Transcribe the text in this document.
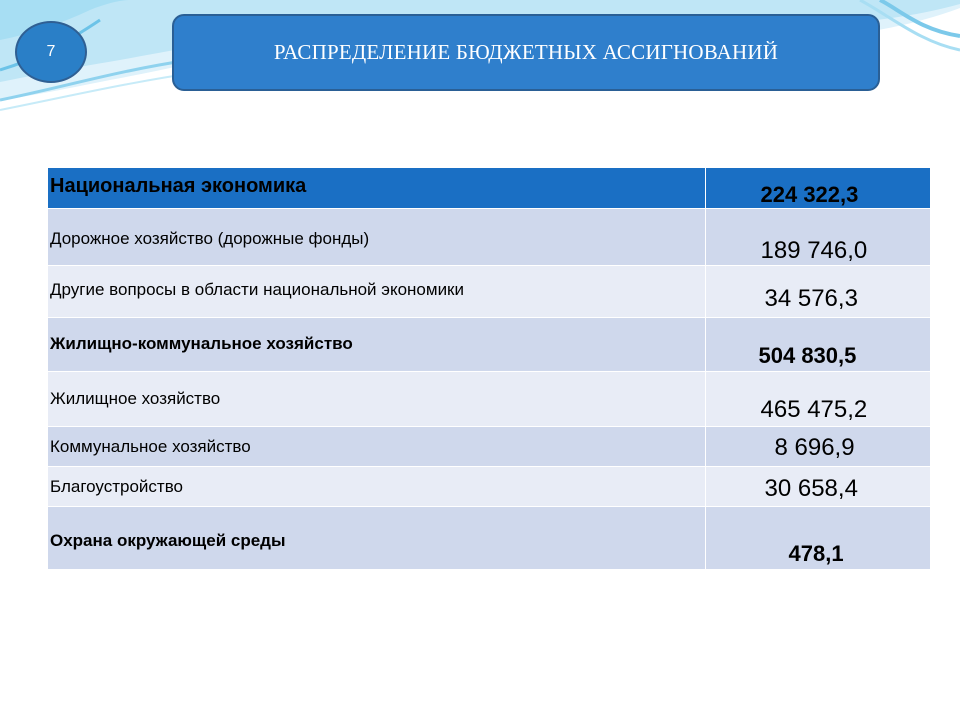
7	РАСПРЕДЕЛЕНИЕ БЮДЖЕТНЫХ АССИГНОВАНИЙ
Национальная экономика	224 322,3

Дорожное хозяйство (дорожные фонды)	189 746,0

Другие вопросы в области национальной экономики	34 576,3

Жилищно-коммунальное хозяйство	504 830,5

Жилищное хозяйство	465 475,2

Коммунальное хозяйство	8 696,9

Благоустройство	30 658,4

Охрана окружающей среды	478,1
